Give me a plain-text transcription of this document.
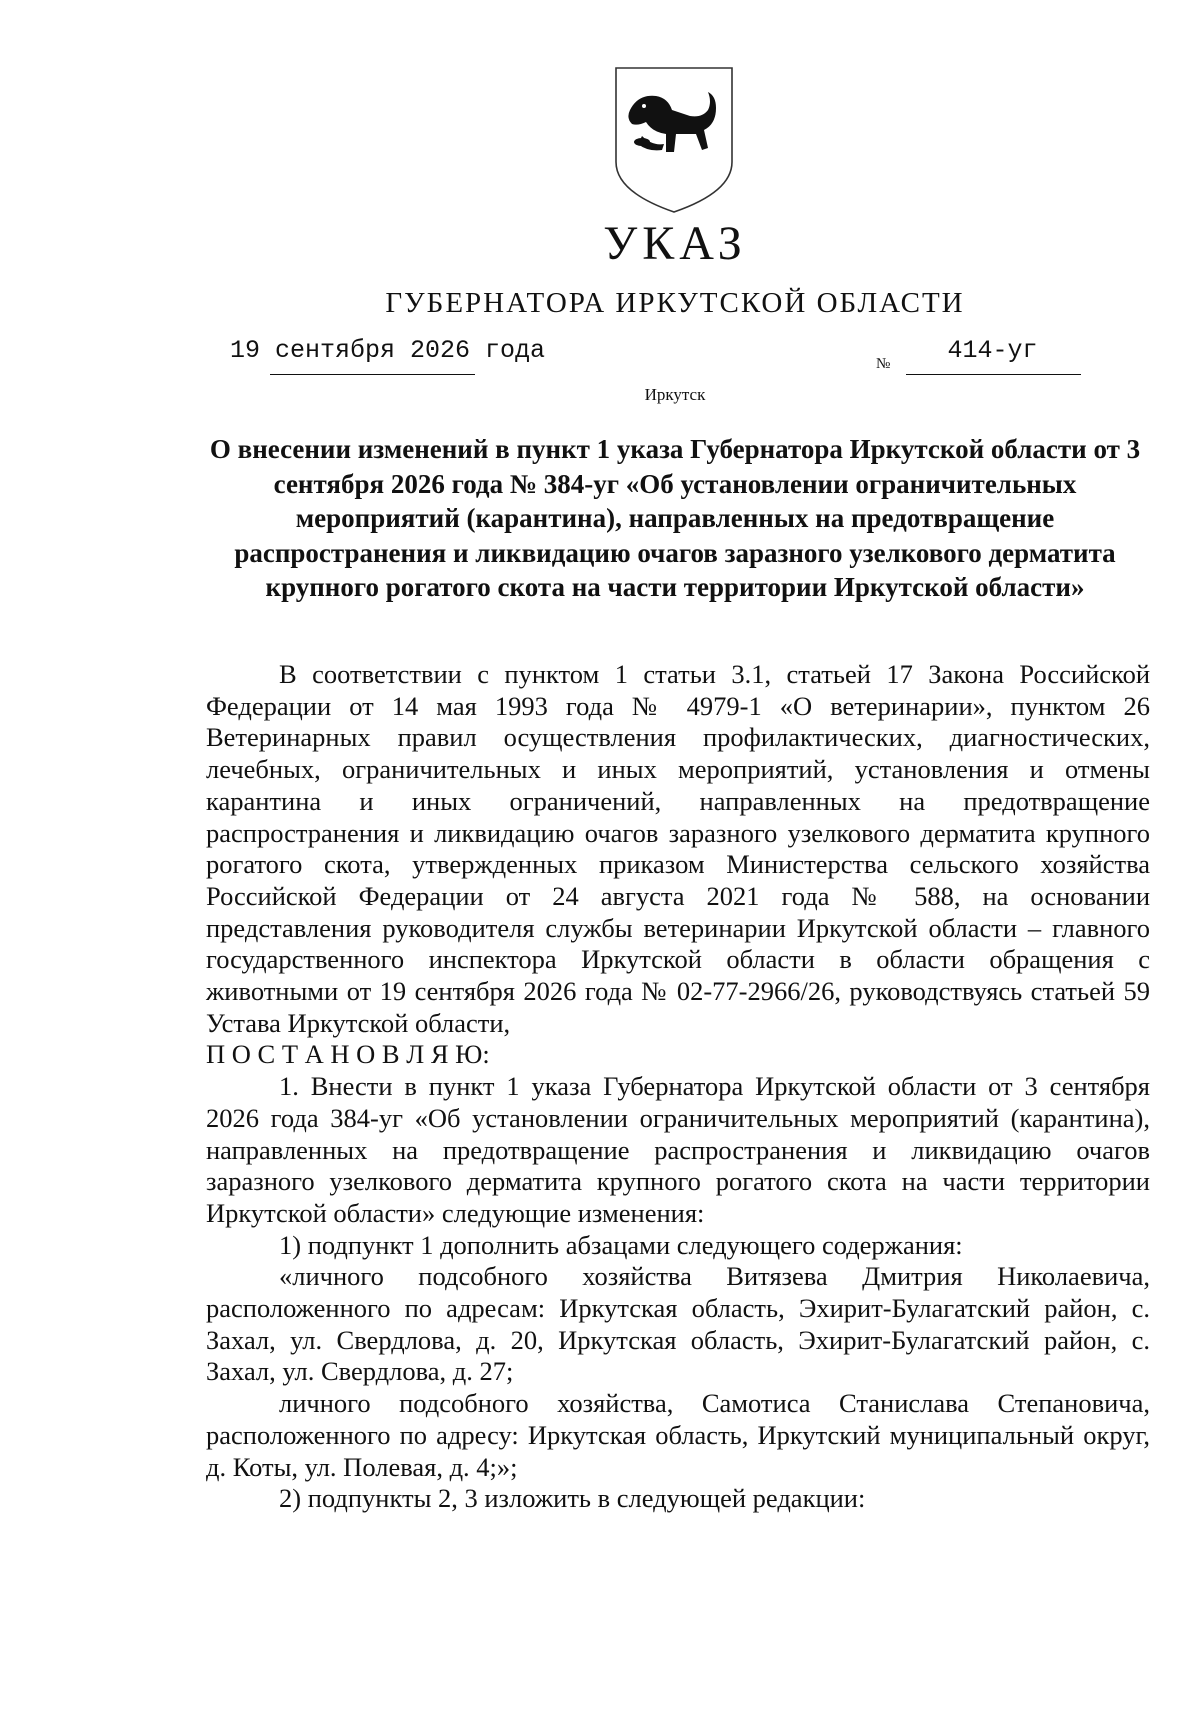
УКАЗ
ГУБЕРНАТОРА ИРКУТСКОЙ ОБЛАСТИ
19 сентября 2026 года	№	414-уг
Иркутск
О внесении изменений в пункт 1 указа Губернатора Иркутской области от 3 сентября 2026 года № 384-уг «Об установлении ограничительных мероприятий (карантина), направленных на предотвращение распространения и ликвидацию очагов заразного узелкового дерматита крупного рогатого скота на части территории Иркутской области»

В соответствии с пунктом 1 статьи 3.1, статьей 17 Закона Российской Федерации от 14 мая 1993 года № 4979-1 «О ветеринарии», пунктом 26 Ветеринарных правил осуществления профилактических, диагностических, лечебных, ограничительных и иных мероприятий, установления и отмены карантина и иных ограничений, направленных на предотвращение распространения и ликвидацию очагов заразного узелкового дерматита крупного рогатого скота, утвержденных приказом Министерства сельского хозяйства Российской Федерации от 24 августа 2021 года № 588, на основании представления руководителя службы ветеринарии Иркутской области – главного государственного инспектора Иркутской области в области обращения с животными от 19 сентября 2026 года № 02-77-2966/26, руководствуясь статьей 59 Устава Иркутской области,

П О С Т А Н О В Л Я Ю:

1. Внести в пункт 1 указа Губернатора Иркутской области от 3 сентября 2026 года 384-уг «Об установлении ограничительных мероприятий (карантина), направленных на предотвращение распространения и ликвидацию очагов заразного узелкового дерматита крупного рогатого скота на части территории Иркутской области» следующие изменения:

1) подпункт 1 дополнить абзацами следующего содержания:

«личного подсобного хозяйства Витязева Дмитрия Николаевича, расположенного по адресам: Иркутская область, Эхирит-Булагатский район, с. Захал, ул. Свердлова, д. 20, Иркутская область, Эхирит-Булагатский район, с. Захал, ул. Свердлова, д. 27;

личного подсобного хозяйства, Самотиса Станислава Степановича, расположенного по адресу: Иркутская область, Иркутский муниципальный округ, д. Коты, ул. Полевая, д. 4;»;

2) подпункты 2, 3 изложить в следующей редакции:
